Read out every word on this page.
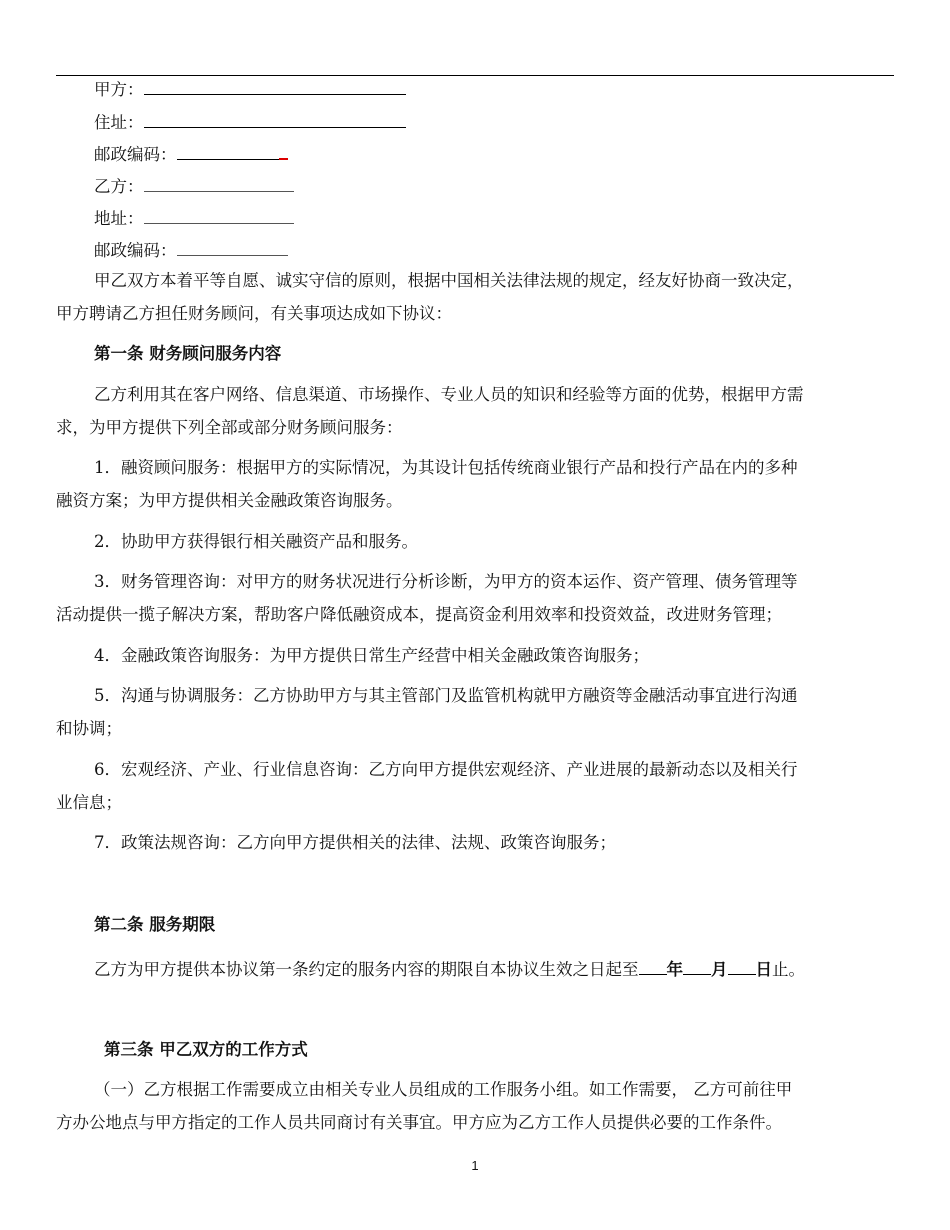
甲方：
住址：
邮政编码：
乙方：
地址：
邮政编码：
甲乙双方本着平等自愿、诚实守信的原则，根据中国相关法律法规的规定，经友好协商一致决定，
甲方聘请乙方担任财务顾问，有关事项达成如下协议：
第一条 财务顾问服务内容
乙方利用其在客户网络、信息渠道、市场操作、专业人员的知识和经验等方面的优势，根据甲方需
求，为甲方提供下列全部或部分财务顾问服务：
1．融资顾问服务：根据甲方的实际情况，为其设计包括传统商业银行产品和投行产品在内的多种
融资方案；为甲方提供相关金融政策咨询服务。
2．协助甲方获得银行相关融资产品和服务。
3．财务管理咨询：对甲方的财务状况进行分析诊断，为甲方的资本运作、资产管理、债务管理等
活动提供一揽子解决方案，帮助客户降低融资成本，提高资金利用效率和投资效益，改进财务管理；
4．金融政策咨询服务：为甲方提供日常生产经营中相关金融政策咨询服务；
5．沟通与协调服务：乙方协助甲方与其主管部门及监管机构就甲方融资等金融活动事宜进行沟通
和协调；
6．宏观经济、产业、行业信息咨询：乙方向甲方提供宏观经济、产业进展的最新动态以及相关行
业信息；
7．政策法规咨询：乙方向甲方提供相关的法律、法规、政策咨询服务；
第二条 服务期限
乙方为甲方提供本协议第一条约定的服务内容的期限自本协议生效之日起至 年 月 日止。
第三条 甲乙双方的工作方式
（一）乙方根据工作需要成立由相关专业人员组成的工作服务小组。如工作需要， 乙方可前往甲
方办公地点与甲方指定的工作人员共同商讨有关事宜。甲方应为乙方工作人员提供必要的工作条件。
1
